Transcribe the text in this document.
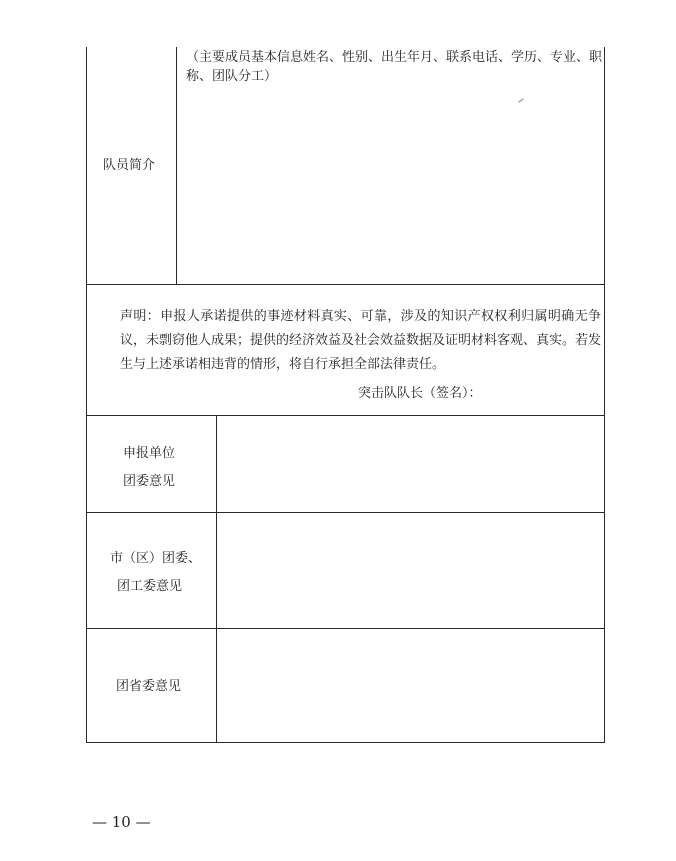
队员简介
（主要成员基本信息姓名、性别、出生年月、联系电话、学历、专业、职称、团队分工）
声明：申报人承诺提供的事迹材料真实、可靠，涉及的知识产权权利归属明确无争议，未剽窃他人成果；提供的经济效益及社会效益数据及证明材料客观、真实。若发生与上述承诺相违背的情形，将自行承担全部法律责任。
突击队队长（签名）：
申报单位
团委意见
市（区）团委、
团工委意见
团省委意见
— 10 —
